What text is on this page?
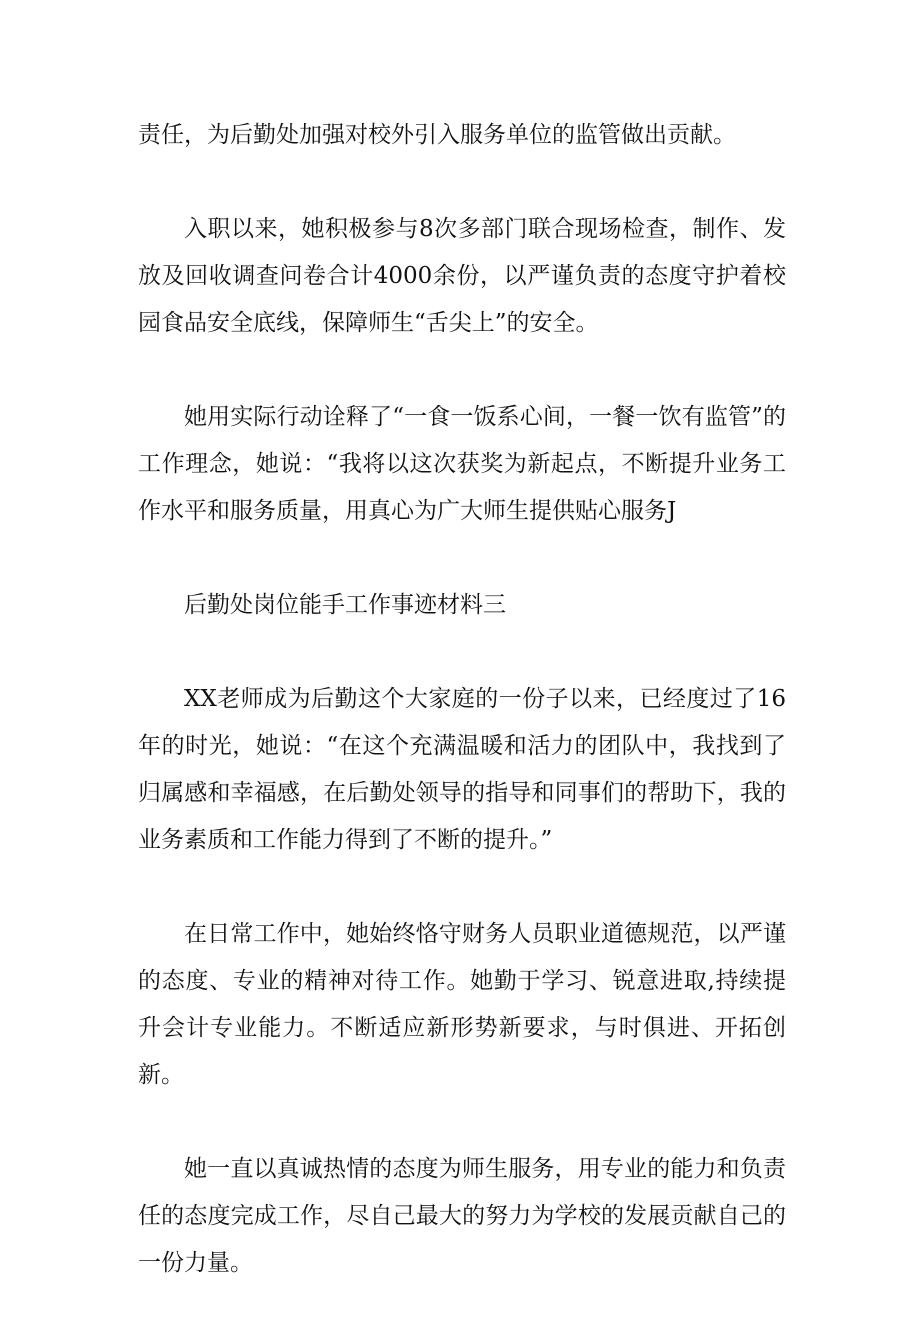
责任，为后勤处加强对校外引入服务单位的监管做出贡献。

入职以来，她积极参与8次多部门联合现场检查，制作、发放及回收调查问卷合计4000余份，以严谨负责的态度守护着校园食品安全底线，保障师生“舌尖上”的安全。

她用实际行动诠释了“一食一饭系心间，一餐一饮有监管”的工作理念，她说：“我将以这次获奖为新起点，不断提升业务工作水平和服务质量，用真心为广大师生提供贴心服务J

后勤处岗位能手工作事迹材料三

XX老师成为后勤这个大家庭的一份子以来，已经度过了16年的时光，她说：“在这个充满温暖和活力的团队中，我找到了归属感和幸福感，在后勤处领导的指导和同事们的帮助下，我的业务素质和工作能力得到了不断的提升。”

在日常工作中，她始终恪守财务人员职业道德规范，以严谨的态度、专业的精神对待工作。她勤于学习、锐意进取,持续提升会计专业能力。不断适应新形势新要求，与时俱进、开拓创新。

她一直以真诚热情的态度为师生服务，用专业的能力和负责任的态度完成工作，尽自己最大的努力为学校的发展贡献自己的一份力量。
